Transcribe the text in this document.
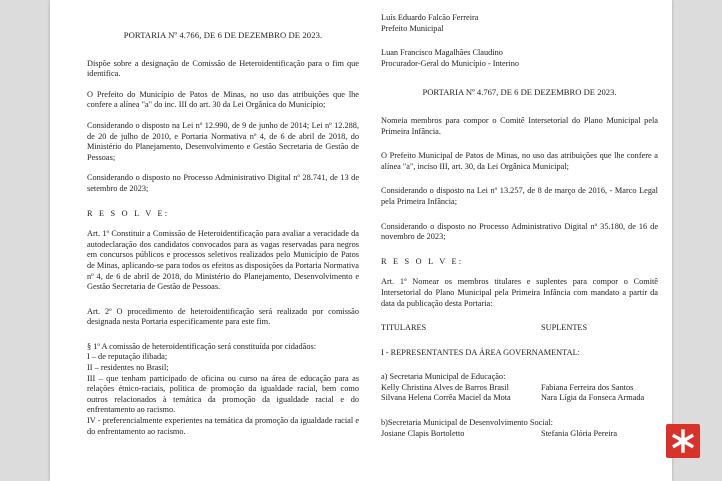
PORTARIA Nº 4.766, DE 6 DE DEZEMBRO DE 2023.

Dispõe sobre a designação de Comissão de Heteroidentificação para o fim que identifica.

O Prefeito do Município de Patos de Minas, no uso das atribuições que lhe confere a alínea "a" do inc. III do art. 30 da Lei Orgânica do Município;

Considerando o disposto na Lei nº 12.990, de 9 de junho de 2014; Lei nº 12.288, de 20 de julho de 2010, e Portaria Normativa nº 4, de 6 de abril de 2018, do Ministério do Planejamento, Desenvolvimento e Gestão Secretaria de Gestão de Pessoas;

Considerando o disposto no Processo Administrativo Digital nº 28.741, de 13 de setembro de 2023;

R E S O L V E:

Art. 1º Constituir a Comissão de Heteroidentificação para avaliar a veracidade da autodeclaração dos candidatos convocados para as vagas reservadas para negros em concursos públicos e processos seletivos realizados pelo Município de Patos de Minas, aplicando-se para todos os efeitos as disposições da Portaria Normativa nº 4, de 6 de abril de 2018, do Ministério do Planejamento, Desenvolvimento e Gestão Secretaria de Gestão de Pessoas.

Art. 2º O procedimento de heteroidentificação será realizado por comissão designada nesta Portaria especificamente para este fim.

§ 1º A comissão de heteroidentificação será constituída por cidadãos:

I – de reputação ilibada;

II – residentes no Brasil;

III – que tenham participado de oficina ou curso na área de educação para as relações étnico-raciais, política de promoção da igualdade racial, bem como outros relacionados à temática da promoção da igualdade racial e do enfrentamento ao racismo.

IV - preferencialmente experientes na temática da promoção da igualdade racial e do enfrentamento ao racismo.

Luís Eduardo Falcão Ferreira

Prefeito Municipal

Luan Francisco Magalhães Claudino

Procurador-Geral do Município - Interino

PORTARIA Nº 4.767, DE 6 DE DEZEMBRO DE 2023.

Nomeia membros para compor o Comitê Intersetorial do Plano Municipal pela Primeira Infância.

O Prefeito Municipal de Patos de Minas, no uso das atribuições que lhe confere a alínea "a", inciso III, art. 30, da Lei Orgânica Municipal;

Considerando o disposto na Lei nº 13.257, de 8 de março de 2016, - Marco Legal pela Primeira Infância;

Considerando o disposto no Processo Administrativo Digital nº 35.180, de 16 de novembro de 2023;

R E S O L V E:

Art. 1º Nomear os membros titulares e suplentes para compor o Comitê Intersetorial do Plano Municipal pela Primeira Infância com mandato a partir da data da publicação desta Portaria:

TITULARES	SUPLENTES

I - REPRESENTANTES DA ÁREA GOVERNAMENTAL:

a) Secretaria Municipal de Educação:

Kelly Christina Alves de Barros Brasil	Fabiana Ferreira dos Santos
Silvana Helena Corrêa Maciel da Mota	Nara Lígia da Fonseca Armada

b)Secretaria Municipal de Desenvolvimento Social:

Josiane Clapis Bortoletto	Stefania Glória Pereira
